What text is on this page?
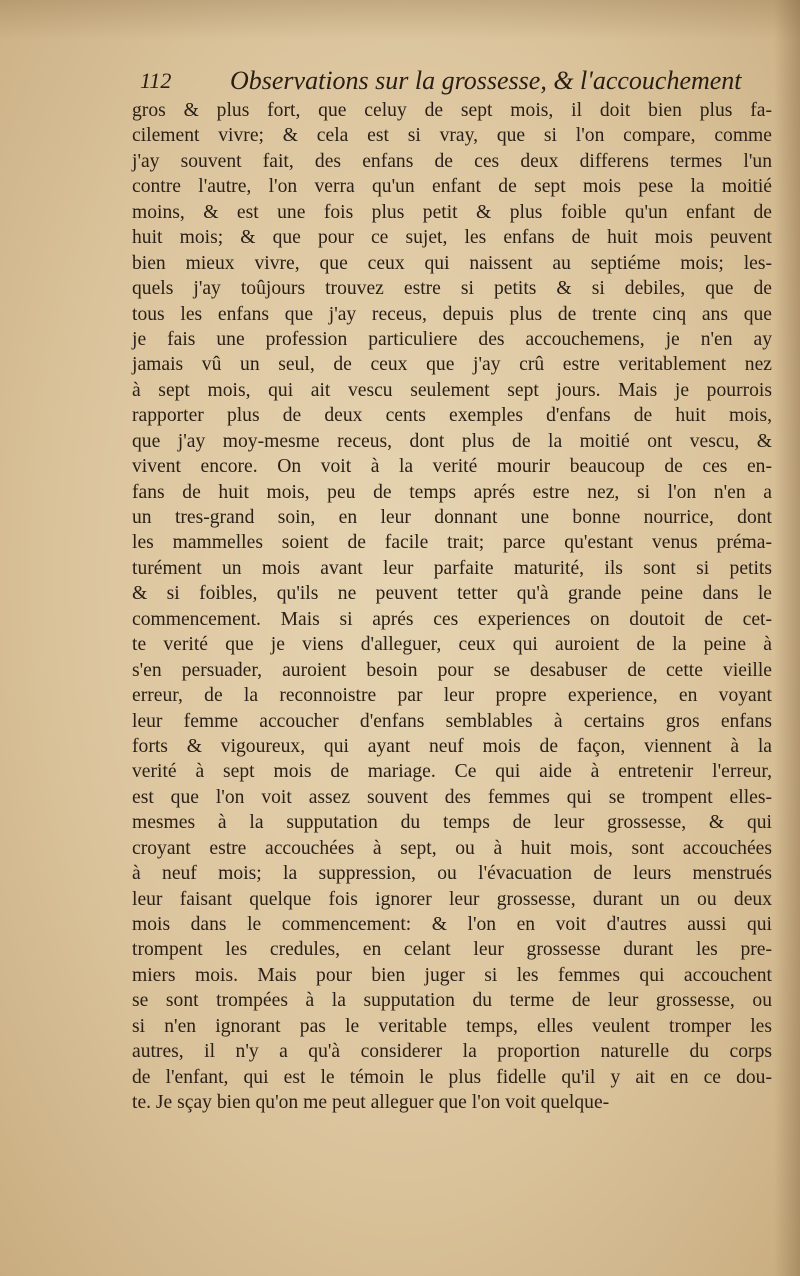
112 Observations sur la grossesse, & l'accouchement
gros & plus fort, que celuy de sept mois, il doit bien plus fa-
cilement vivre; & cela est si vray, que si l'on compare, comme
j'ay souvent fait, des enfans de ces deux differens termes l'un
contre l'autre, l'on verra qu'un enfant de sept mois pese la moitié
moins, & est une fois plus petit & plus foible qu'un enfant de
huit mois; & que pour ce sujet, les enfans de huit mois peuvent
bien mieux vivre, que ceux qui naissent au septiéme mois; les-
quels j'ay toûjours trouvez estre si petits & si debiles, que de
tous les enfans que j'ay receus, depuis plus de trente cinq ans que
je fais une profession particuliere des accouchemens, je n'en ay
jamais vû un seul, de ceux que j'ay crû estre veritablement nez
à sept mois, qui ait vescu seulement sept jours. Mais je pourrois
rapporter plus de deux cents exemples d'enfans de huit mois,
que j'ay moy-mesme receus, dont plus de la moitié ont vescu, &
vivent encore. On voit à la verité mourir beaucoup de ces en-
fans de huit mois, peu de temps aprés estre nez, si l'on n'en a
un tres-grand soin, en leur donnant une bonne nourrice, dont
les mammelles soient de facile trait; parce qu'estant venus préma-
turément un mois avant leur parfaite maturité, ils sont si petits
& si foibles, qu'ils ne peuvent tetter qu'à grande peine dans le
commencement. Mais si aprés ces experiences on doutoit de cet-
te verité que je viens d'alleguer, ceux qui auroient de la peine à
s'en persuader, auroient besoin pour se desabuser de cette vieille
erreur, de la reconnoistre par leur propre experience, en voyant
leur femme accoucher d'enfans semblables à certains gros enfans
forts & vigoureux, qui ayant neuf mois de façon, viennent à la
verité à sept mois de mariage. Ce qui aide à entretenir l'erreur,
est que l'on voit assez souvent des femmes qui se trompent elles-
mesmes à la supputation du temps de leur grossesse, & qui
croyant estre accouchées à sept, ou à huit mois, sont accouchées
à neuf mois; la suppression, ou l'évacuation de leurs menstrués
leur faisant quelque fois ignorer leur grossesse, durant un ou deux
mois dans le commencement: & l'on en voit d'autres aussi qui
trompent les credules, en celant leur grossesse durant les pre-
miers mois. Mais pour bien juger si les femmes qui accouchent
se sont trompées à la supputation du terme de leur grossesse, ou
si n'en ignorant pas le veritable temps, elles veulent tromper les
autres, il n'y a qu'à considerer la proportion naturelle du corps
de l'enfant, qui est le témoin le plus fidelle qu'il y ait en ce dou-
te. Je sçay bien qu'on me peut alleguer que l'on voit quelque-
